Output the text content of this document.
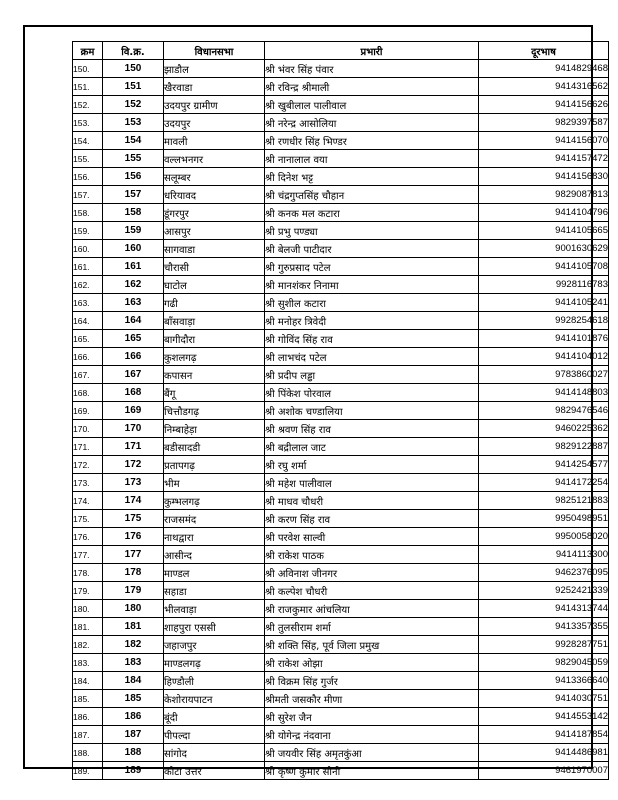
क्रम	वि.क्र.	विधानसभा	प्रभारी	दूरभाष
150.	150	झाडौल	श्री भंवर सिंह पंवार	9414829468
151.	151	खैरवाडा	श्री रविन्द्र श्रीमाली	9414316562
152.	152	उदयपुर ग्रामीण	श्री खुबीलाल पालीवाल	9414156626
153.	153	उदयपुर	श्री नरेन्द्र आसोलिया	9829397587
154.	154	मावली	श्री रणधीर सिंह भिण्डर	9414156070
155.	155	वल्लभनगर	श्री नानालाल वया	9414157472
156.	156	सलूम्बर	श्री दिनेश भट्ट	9414156830
157.	157	धरियावद	श्री चंद्रगुप्तसिंह चौहान	9829087813
158.	158	डूंगरपुर	श्री कनक मल कटारा	9414104796
159.	159	आसपुर	श्री प्रभु पण्ड्या	9414105665
160.	160	सागवाडा	श्री बेलजी पाटीदार	9001630629
161.	161	चौरासी	श्री गुरुप्रसाद पटेल	9414105708
162.	162	घाटोल	श्री मानशंकर निनामा	9928116783
163.	163	गढी	श्री सुशील कटारा	9414105241
164.	164	बाँसवाड़ा	श्री मनोहर त्रिवेदी	9928254618
165.	165	बागीदौरा	श्री गोविंद सिंह राव	9414101876
166.	166	कुशलगढ़	श्री लाभचंद पटेल	9414104012
167.	167	कपासन	श्री प्रदीप लड्ढा	9783860027
168.	168	बैंगू	श्री पिंकेश पोरवाल	9414148803
169.	169	चित्तौडगढ़	श्री अशोक चण्डालिया	9829476546
170.	170	निम्बाहेड़ा	श्री श्रवण सिंह राव	9460225362
171.	171	बडीसादडी	श्री बद्रीलाल जाट	9829122887
172.	172	प्रतापगढ़	श्री रघु शर्मा	9414254577
173.	173	भीम	श्री महेश पालीवाल	9414172254
174.	174	कुम्भलगढ़	श्री माधव चौधरी	9825121883
175.	175	राजसमंद	श्री करण सिंह राव	9950498951
176.	176	नाथद्वारा	श्री परवेश साल्वी	9950058020
177.	177	आसीन्द	श्री राकेश पाठक	9414113300
178.	178	माण्डल	श्री अविनाश जीनगर	9462376095
179.	179	सहाडा	श्री कल्पेश चौधरी	9252421339
180.	180	भीलवाड़ा	श्री राजकुमार आंचलिया	9414313744
181.	181	शाहपुरा एससी	श्री तुलसीराम शर्मा	9413357355
182.	182	जहाजपुर	श्री शक्ति सिंह, पूर्व जिला प्रमुख	9928287751
183.	183	माण्डलगढ़	श्री राकेश ओझा	9829045059
184.	184	हिण्डौली	श्री विक्रम सिंह गुर्जर	9413366640
185.	185	केशोरायपाटन	श्रीमती जसकौर मीणा	9414030751
186.	186	बूंदी	श्री सुरेश जैन	9414553142
187.	187	पीपल्दा	श्री योगेन्द्र नंदवाना	9414187854
188.	188	सांगोद	श्री जयवीर सिंह अमृतकुंआ	9414486981
189.	189	कोटा उत्तर	श्री कृष्ण कुमार सोनी	9461970007
